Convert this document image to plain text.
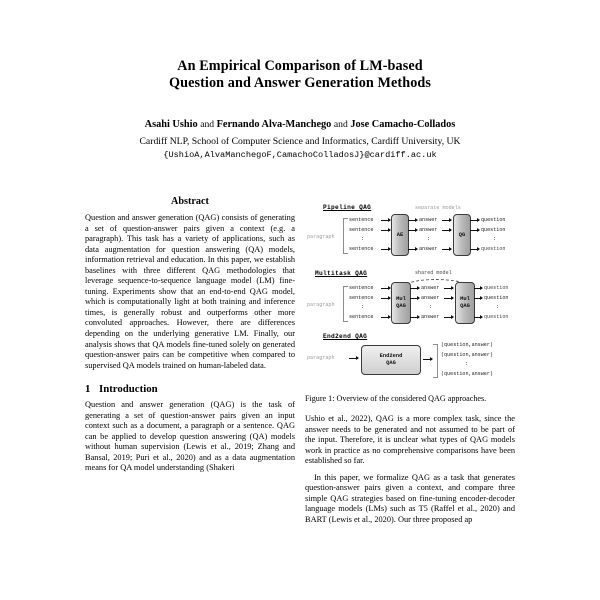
An Empirical Comparison of LM-based
Question and Answer Generation Methods
Asahi Ushio and Fernando Alva-Manchego and Jose Camacho-Collados
Cardiff NLP, School of Computer Science and Informatics, Cardiff University, UK
{UshioA,AlvaManchegoF,CamachoColladosJ}@cardiff.ac.uk
Abstract

Question and answer generation (QAG) consists of generating a set of question-answer pairs given a context (e.g. a paragraph). This task has a variety of applications, such as data augmentation for question answering (QA) models, information retrieval and education. In this paper, we establish baselines with three different QAG methodologies that leverage sequence-to-sequence language model (LM) fine-tuning. Experiments show that an end-to-end QAG model, which is computationally light at both training and inference times, is generally robust and outperforms other more convoluted approaches. However, there are differences depending on the underlying generative LM. Finally, our analysis shows that QA models fine-tuned solely on generated question-answer pairs can be competitive when compared to supervised QA models trained on human-labeled data.

1 Introduction

Question and answer generation (QAG) is the task of generating a set of question-answer pairs given an input context such as a document, a paragraph or a sentence. QAG can be applied to develop question answering (QA) models without human supervision (Lewis et al., 2019; Zhang and Bansal, 2019; Puri et al., 2020) and as a data augmentation means for QA model understanding (Shakeri

Pipeline QAG	separate models
paragraph
sentence
sentence
:
sentence
AE
answer
answer
:
answer
QG
question
question
:
question
Multitask QAG	shared model
paragraph
sentence
sentence
:
sentence
Mul
QAG
answer
answer
:
answer
Mul
QAG
question
question
:
question
End2end QAG
paragraph	End2end
QAG
(question,answer)
(question,answer)
:
(question,answer)
Figure 1: Overview of the considered QAG approaches.

Ushio et al., 2022), QAG is a more complex task, since the answer needs to be generated and not assumed to be part of the input. Therefore, it is unclear what types of QAG models work in practice as no comprehensive comparisons have been established so far.

In this paper, we formalize QAG as a task that generates question-answer pairs given a context, and compare three simple QAG strategies based on fine-tuning encoder-decoder language models (LMs) such as T5 (Raffel et al., 2020) and BART (Lewis et al., 2020). Our three proposed ap
